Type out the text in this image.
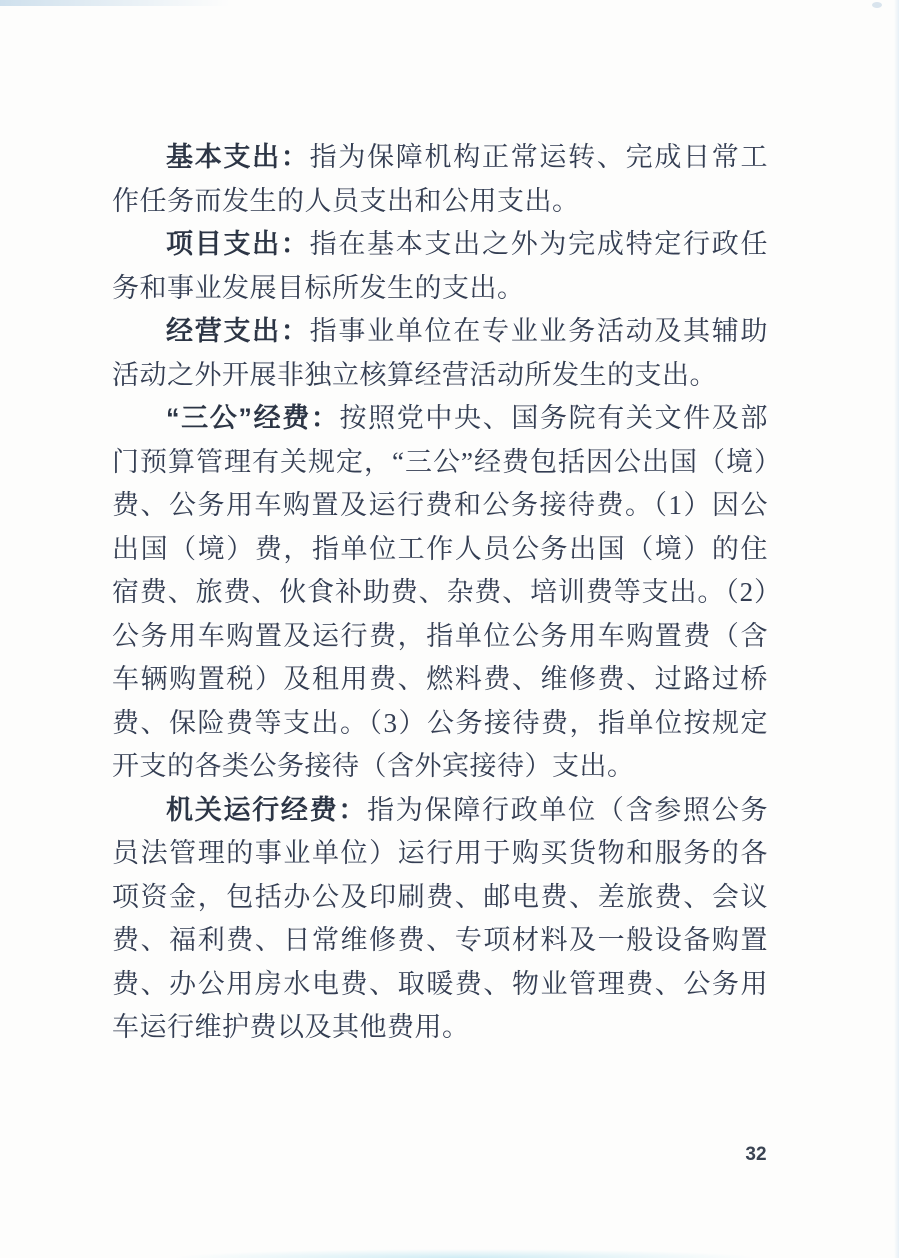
基本支出：指为保障机构正常运转、完成日常工作任务而发生的人员支出和公用支出。

项目支出：指在基本支出之外为完成特定行政任务和事业发展目标所发生的支出。

经营支出：指事业单位在专业业务活动及其辅助活动之外开展非独立核算经营活动所发生的支出。

“三公”经费：按照党中央、国务院有关文件及部门预算管理有关规定，“三公”经费包括因公出国（境）费、公务用车购置及运行费和公务接待费。（1）因公出国（境）费，指单位工作人员公务出国（境）的住宿费、旅费、伙食补助费、杂费、培训费等支出。（2）公务用车购置及运行费，指单位公务用车购置费（含车辆购置税）及租用费、燃料费、维修费、过路过桥费、保险费等支出。（3）公务接待费，指单位按规定开支的各类公务接待（含外宾接待）支出。

机关运行经费：指为保障行政单位（含参照公务员法管理的事业单位）运行用于购买货物和服务的各项资金，包括办公及印刷费、邮电费、差旅费、会议费、福利费、日常维修费、专项材料及一般设备购置费、办公用房水电费、取暖费、物业管理费、公务用车运行维护费以及其他费用。

32
